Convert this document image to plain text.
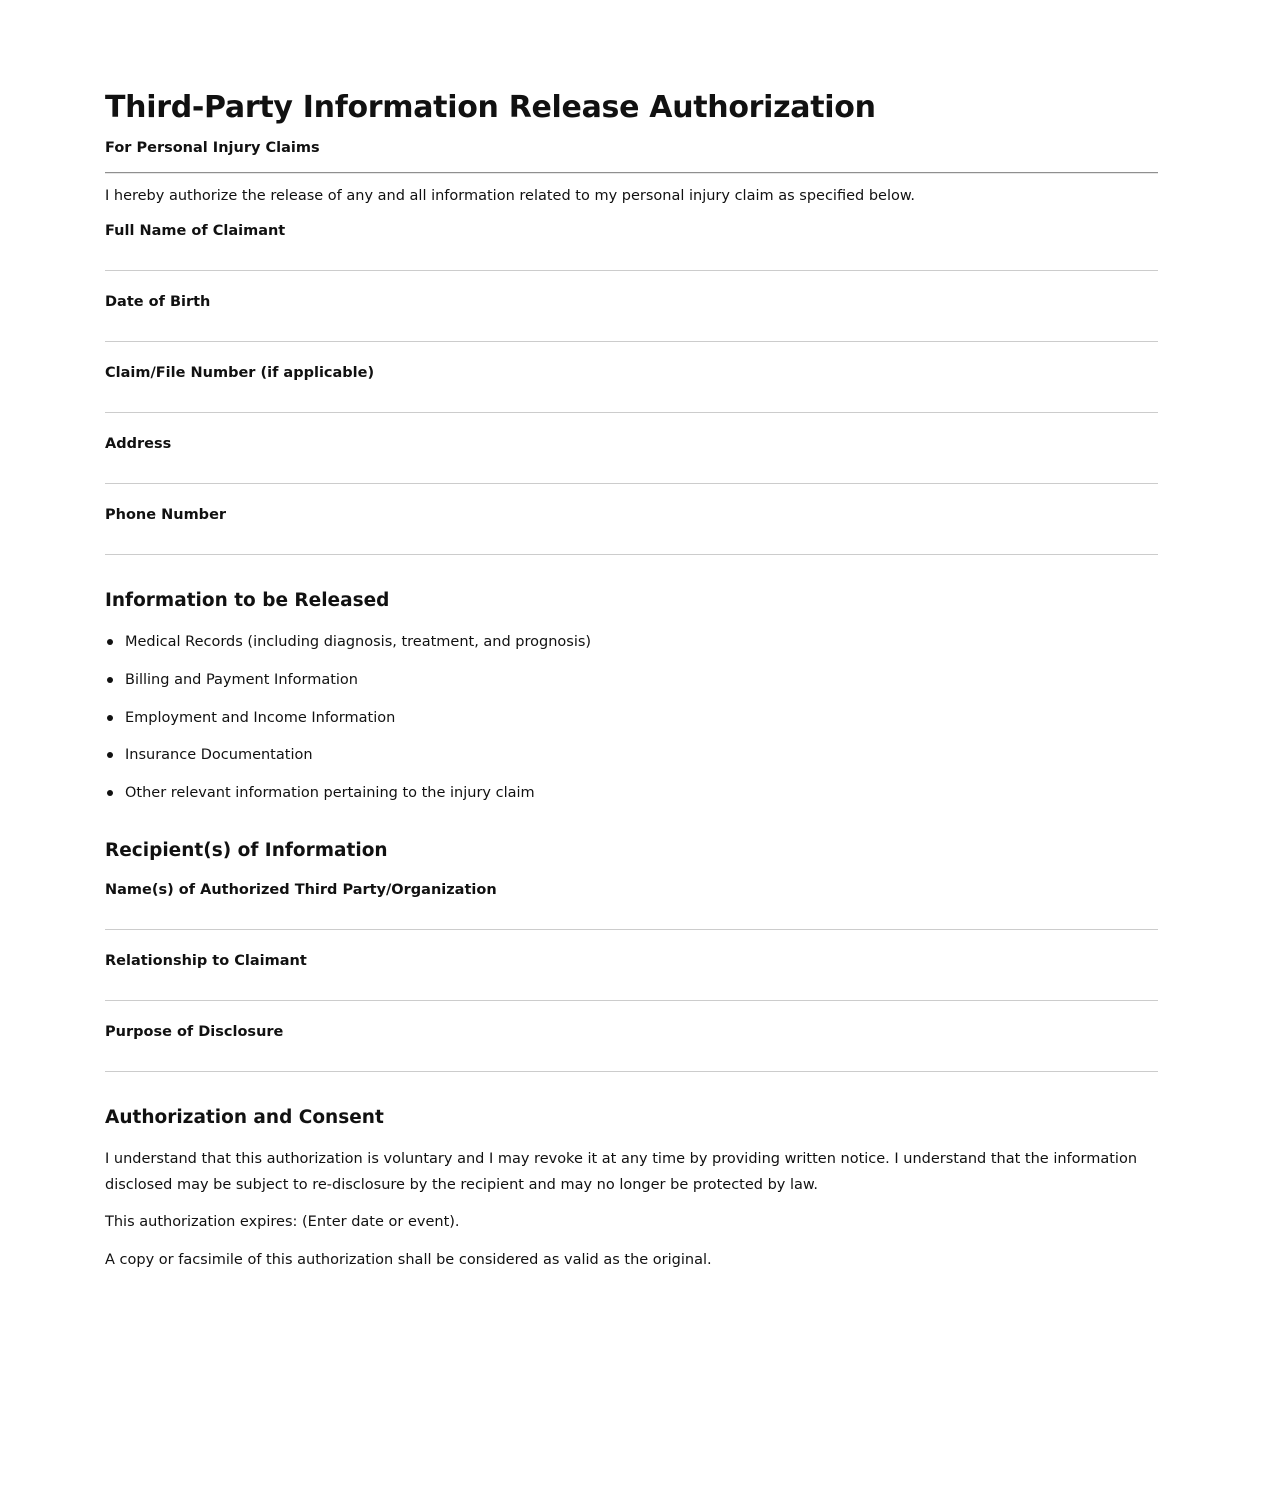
Third-Party Information Release Authorization

For Personal Injury Claims

I hereby authorize the release of any and all information related to my personal injury claim as specified below.

Full Name of Claimant
Date of Birth
Claim/File Number (if applicable)
Address
Phone Number
Information to be Released
Medical Records (including diagnosis, treatment, and prognosis)
Billing and Payment Information
Employment and Income Information
Insurance Documentation
Other relevant information pertaining to the injury claim
Recipient(s) of Information
Name(s) of Authorized Third Party/Organization
Relationship to Claimant
Purpose of Disclosure
Authorization and Consent

I understand that this authorization is voluntary and I may revoke it at any time by providing written notice. I understand that the information disclosed may be subject to re-disclosure by the recipient and may no longer be protected by law.

This authorization expires: (Enter date or event).

A copy or facsimile of this authorization shall be considered as valid as the original.
